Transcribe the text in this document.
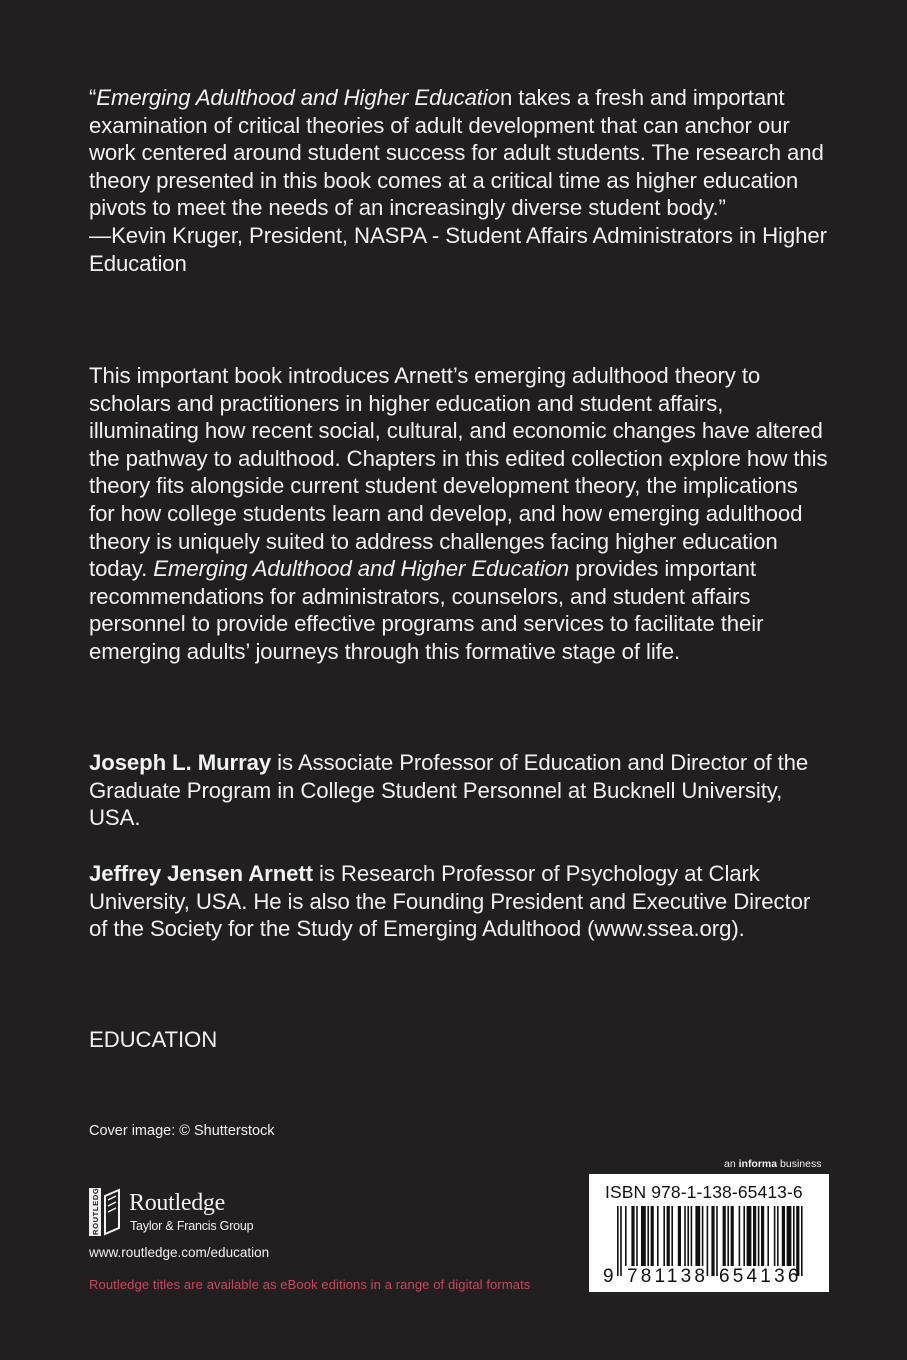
“Emerging Adulthood and Higher Education takes a fresh and important examination of critical theories of adult development that can anchor our work centered around student success for adult students. The research and theory presented in this book comes at a critical time as higher education pivots to meet the needs of an increasingly diverse student body.”
—Kevin Kruger, President, NASPA - Student Affairs Administrators in Higher Education
This important book introduces Arnett’s emerging adulthood theory to scholars and practitioners in higher education and student affairs, illuminating how recent social, cultural, and economic changes have altered the pathway to adulthood. Chapters in this edited collection explore how this theory fits alongside current student development theory, the implications for how college students learn and develop, and how emerging adulthood theory is uniquely suited to address challenges facing higher education today. Emerging Adulthood and Higher Education provides important recommendations for administrators, counselors, and student affairs personnel to provide effective programs and services to facilitate their emerging adults’ journeys through this formative stage of life.
Joseph L. Murray is Associate Professor of Education and Director of the Graduate Program in College Student Personnel at Bucknell University, USA.
Jeffrey Jensen Arnett is Research Professor of Psychology at Clark University, USA. He is also the Founding President and Executive Director of the Society for the Study of Emerging Adulthood (www.ssea.org).
EDUCATION
Cover image: © Shutterstock
an informa business
ROUTLEDGE Routledge
Taylor & Francis Group
www.routledge.com/education
Routledge titles are available as eBook editions in a range of digital formats
ISBN 978-1-138-65413-6
9 781138 654136
